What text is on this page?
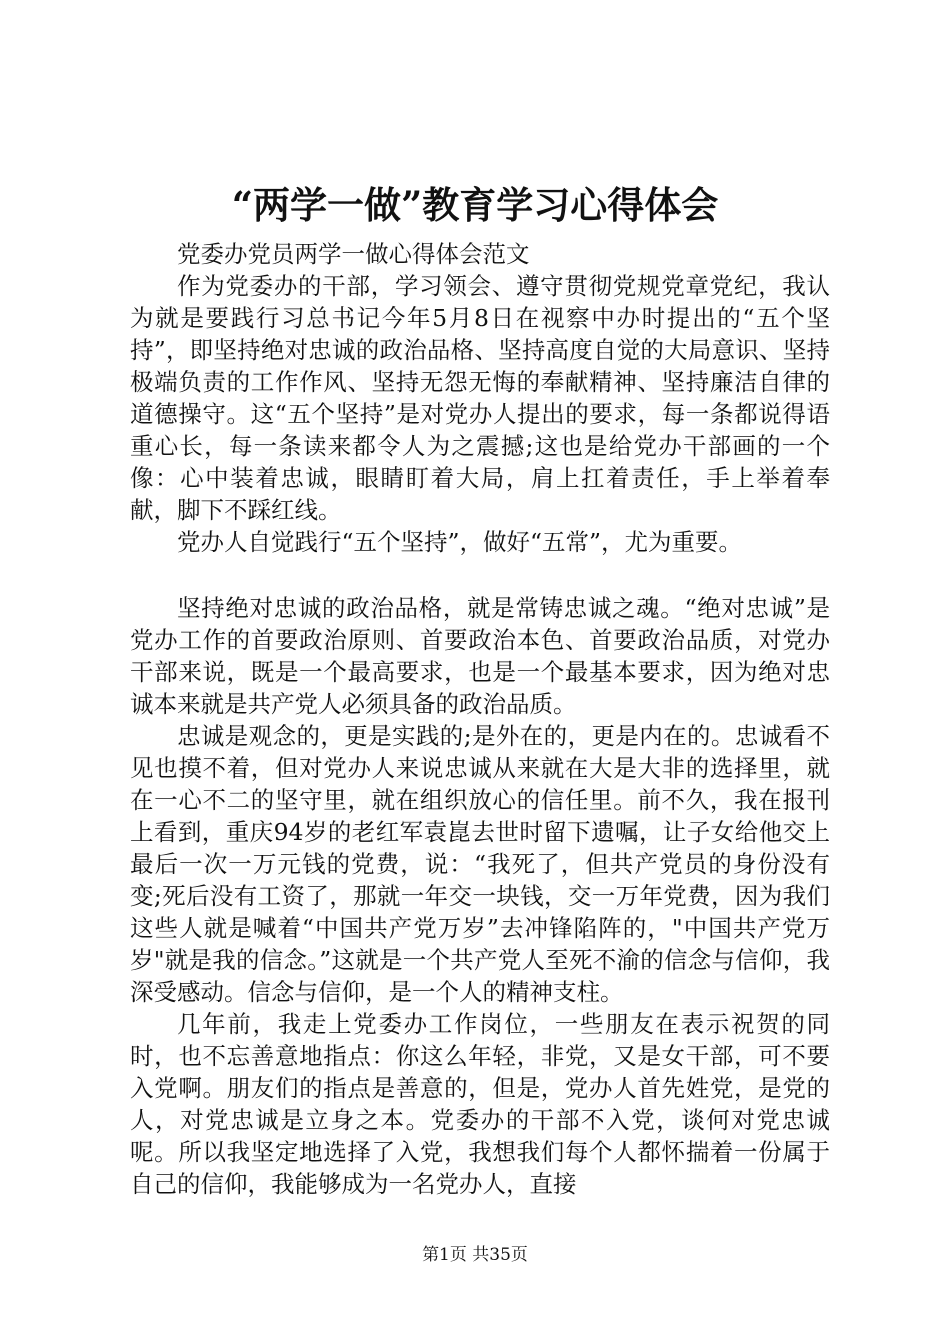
“两学一做”教育学习心得体会

党委办党员两学一做心得体会范文

作为党委办的干部，学习领会、遵守贯彻党规党章党纪，我认为就是要践行习总书记今年5月8日在视察中办时提出的“五个坚持”，即坚持绝对忠诚的政治品格、坚持高度自觉的大局意识、坚持极端负责的工作作风、坚持无怨无悔的奉献精神、坚持廉洁自律的道德操守。这“五个坚持”是对党办人提出的要求，每一条都说得语重心长，每一条读来都令人为之震撼;这也是给党办干部画的一个像：心中装着忠诚，眼睛盯着大局，肩上扛着责任，手上举着奉献，脚下不踩红线。

党办人自觉践行“五个坚持”，做好“五常”，尤为重要。

坚持绝对忠诚的政治品格，就是常铸忠诚之魂。“绝对忠诚”是党办工作的首要政治原则、首要政治本色、首要政治品质，对党办干部来说，既是一个最高要求，也是一个最基本要求，因为绝对忠诚本来就是共产党人必须具备的政治品质。

忠诚是观念的，更是实践的;是外在的，更是内在的。忠诚看不见也摸不着，但对党办人来说忠诚从来就在大是大非的选择里，就在一心不二的坚守里，就在组织放心的信任里。前不久，我在报刊上看到，重庆94岁的老红军袁崑去世时留下遗嘱，让子女给他交上最后一次一万元钱的党费，说：“我死了，但共产党员的身份没有变;死后没有工资了，那就一年交一块钱，交一万年党费，因为我们这些人就是喊着“中国共产党万岁”去冲锋陷阵的，"中国共产党万岁"就是我的信念。”这就是一个共产党人至死不渝的信念与信仰，我深受感动。信念与信仰，是一个人的精神支柱。

几年前，我走上党委办工作岗位，一些朋友在表示祝贺的同时，也不忘善意地指点：你这么年轻，非党，又是女干部，可不要入党啊。朋友们的指点是善意的，但是，党办人首先姓党，是党的人，对党忠诚是立身之本。党委办的干部不入党，谈何对党忠诚呢。所以我坚定地选择了入党，我想我们每个人都怀揣着一份属于自己的信仰，我能够成为一名党办人，直接

第1页 共35页
